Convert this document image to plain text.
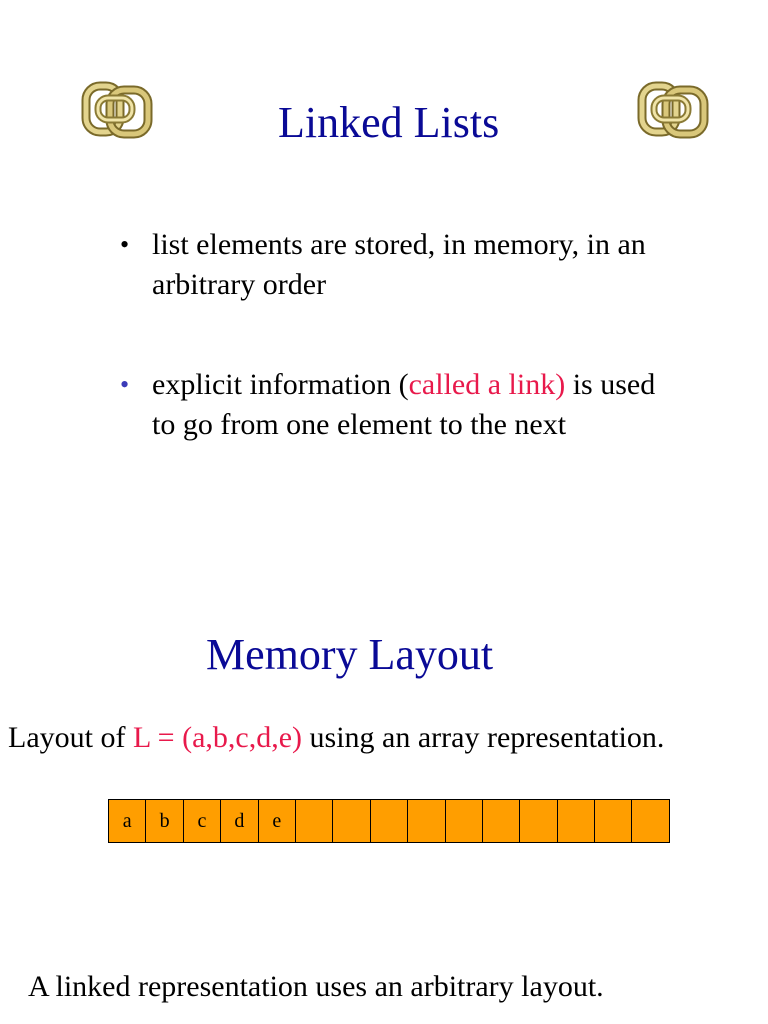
Linked Lists
• list elements are stored, in memory, in an arbitrary order
• explicit information (called a link) is used to go from one element to the next
Memory Layout
Layout of L = (a,b,c,d,e) using an array representation.
a	b	c	d	e
A linked representation uses an arbitrary layout.
